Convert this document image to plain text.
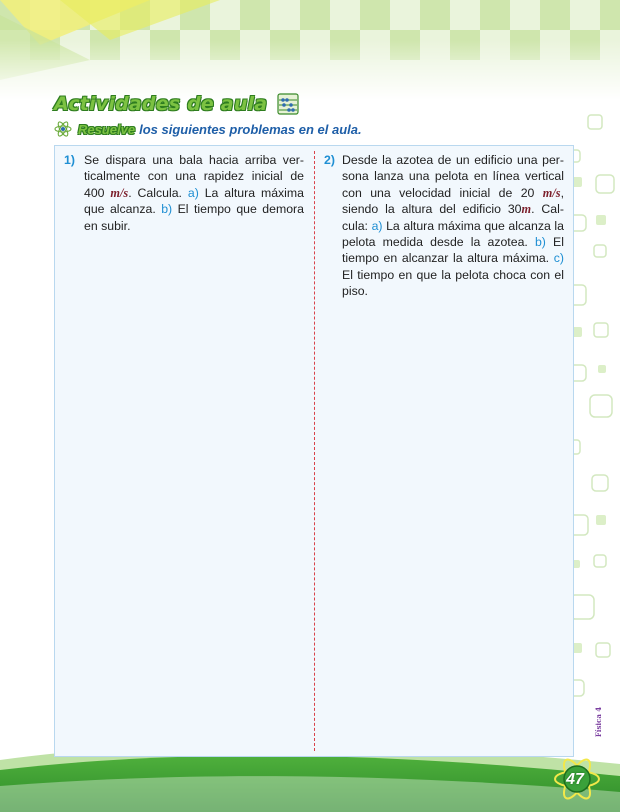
Actividades de aula
Resuelve los siguientes problemas en el aula.
1) Se dispara una bala hacia arriba verticalmente con una rapidez inicial de 400 m/s. Calcula. a) La altura máxima que alcanza. b) El tiempo que demora en subir.
2) Desde la azotea de un edificio una persona lanza una pelota en línea vertical con una velocidad inicial de 20 m/s, siendo la altura del edificio 30m. Calcula: a) La altura máxima que alcanza la pelota medida desde la azotea. b) El tiempo en alcanzar la altura máxima. c) El tiempo en que la pelota choca con el piso.
Física 4
47
